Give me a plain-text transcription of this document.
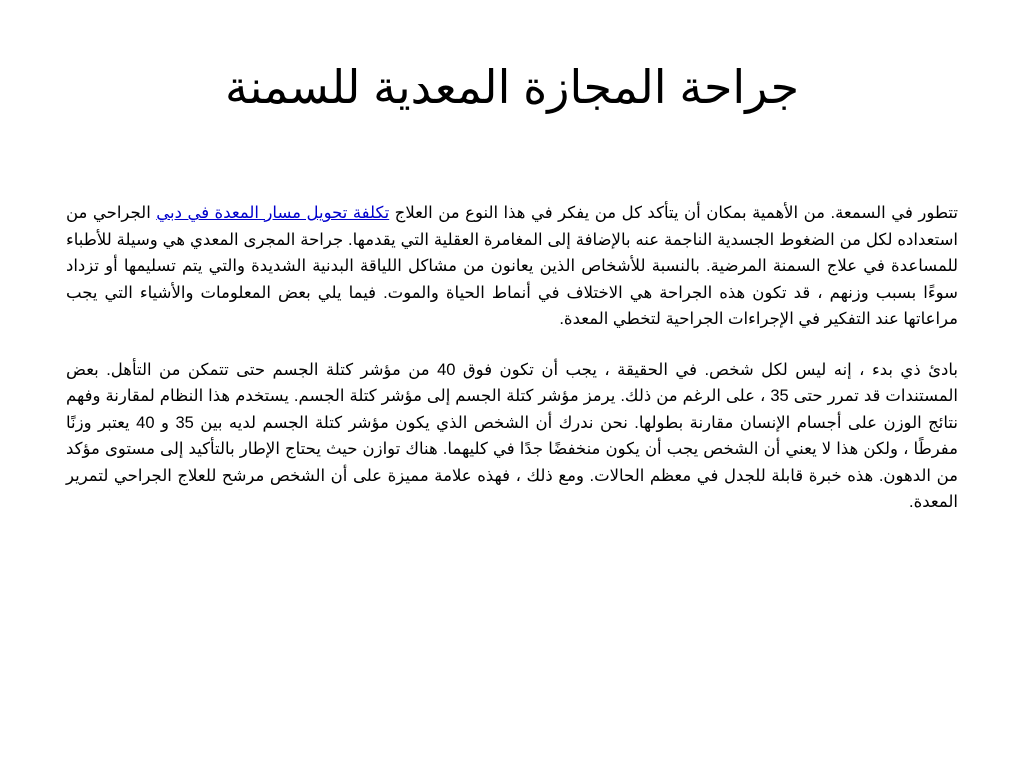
جراحة المجازة المعدية للسمنة

تتطور في السمعة. من الأهمية بمكان أن يتأكد كل من يفكر في هذا النوع من العلاج تكلفة تحويل مسار المعدة في دبي الجراحي من استعداده لكل من الضغوط الجسدية الناجمة عنه بالإضافة إلى المغامرة العقلية التي يقدمها. جراحة المجرى المعدي هي وسيلة للأطباء للمساعدة في علاج السمنة المرضية. بالنسبة للأشخاص الذين يعانون من مشاكل اللياقة البدنية الشديدة والتي يتم تسليمها أو تزداد سوءًا بسبب وزنهم ، قد تكون هذه الجراحة هي الاختلاف في أنماط الحياة والموت. فيما يلي بعض المعلومات والأشياء التي يجب مراعاتها عند التفكير في الإجراءات الجراحية لتخطي المعدة.

بادئ ذي بدء ، إنه ليس لكل شخص. في الحقيقة ، يجب أن تكون فوق 40 من مؤشر كتلة الجسم حتى تتمكن من التأهل. بعض المستندات قد تمرر حتى 35 ، على الرغم من ذلك. يرمز مؤشر كتلة الجسم إلى مؤشر كتلة الجسم. يستخدم هذا النظام لمقارنة وفهم نتائج الوزن على أجسام الإنسان مقارنة بطولها. نحن ندرك أن الشخص الذي يكون مؤشر كتلة الجسم لديه بين 35 و 40 يعتبر وزنًا مفرطًا ، ولكن هذا لا يعني أن الشخص يجب أن يكون منخفضًا جدًا في كليهما. هناك توازن حيث يحتاج الإطار بالتأكيد إلى مستوى مؤكد من الدهون. هذه خبرة قابلة للجدل في معظم الحالات. ومع ذلك ، فهذه علامة مميزة على أن الشخص مرشح للعلاج الجراحي لتمرير المعدة.
